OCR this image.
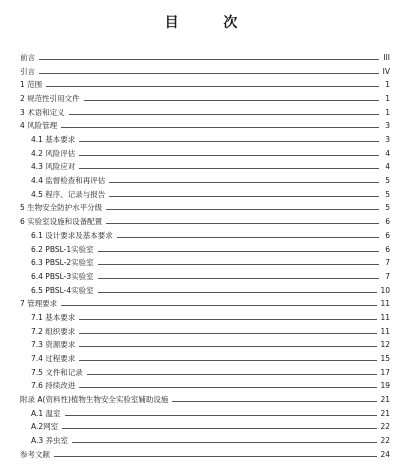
目 次
前言	III
引言	IV
1 范围	1
2 规范性引用文件	1
3 术语和定义	1
4 风险管理	3
4.1 基本要求	3
4.2 风险评估	4
4.3 风险应对	4
4.4 监督检查和再评估	5
4.5 程序、记录与报告	5
5 生物安全防护水平分级	5
6 实验室设施和设备配置	6
6.1 设计要求及基本要求	6
6.2 PBSL-1实验室	6
6.3 PBSL-2实验室	7
6.4 PBSL-3实验室	7
6.5 PBSL-4实验室	10
7 管理要求	11
7.1 基本要求	11
7.2 组织要求	11
7.3 资源要求	12
7.4 过程要求	15
7.5 文件和记录	17
7.6 持续改进	19
附录 A(资料性)植物生物安全实验室辅助设施	21
A.1 温室	21
A.2网室	22
A.3 养虫室	22
参考文献	24
